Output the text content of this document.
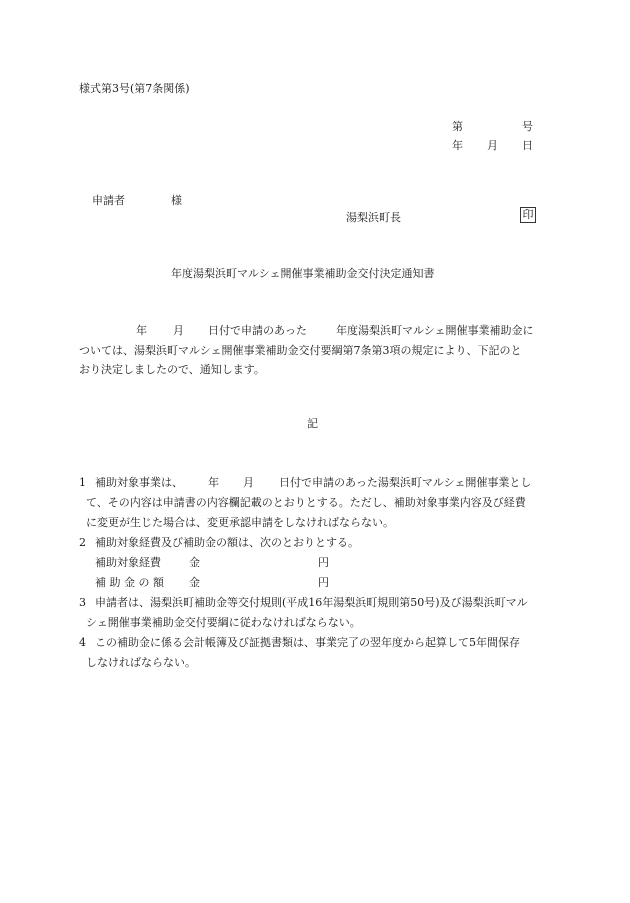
様式第3号(第7条関係)
第	号
年 月 日
申請者	様
湯梨浜町長	印
年度湯梨浜町マルシェ開催事業補助金交付決定通知書
年 月 日付で申請のあった	年度湯梨浜町マルシェ開催事業補助金に
ついては、湯梨浜町マルシェ開催事業補助金交付要綱第7条第3項の規定により、下記のと
おり決定しましたので、通知します。
記
1 補助対象事業は、 年 月 日付で申請のあった湯梨浜町マルシェ開催事業とし
て、その内容は申請書の内容欄記載のとおりとする。ただし、補助対象事業内容及び経費
に変更が生じた場合は、変更承認申請をしなければならない。
2 補助対象経費及び補助金の額は、次のとおりとする。
補助対象経費	金	円
補 助 金 の 額 金	円
3 申請者は、湯梨浜町補助金等交付規則(平成16年湯梨浜町規則第50号)及び湯梨浜町マル
シェ開催事業補助金交付要綱に従わなければならない。
4 この補助金に係る会計帳簿及び証拠書類は、事業完了の翌年度から起算して5年間保存
しなければならない。
